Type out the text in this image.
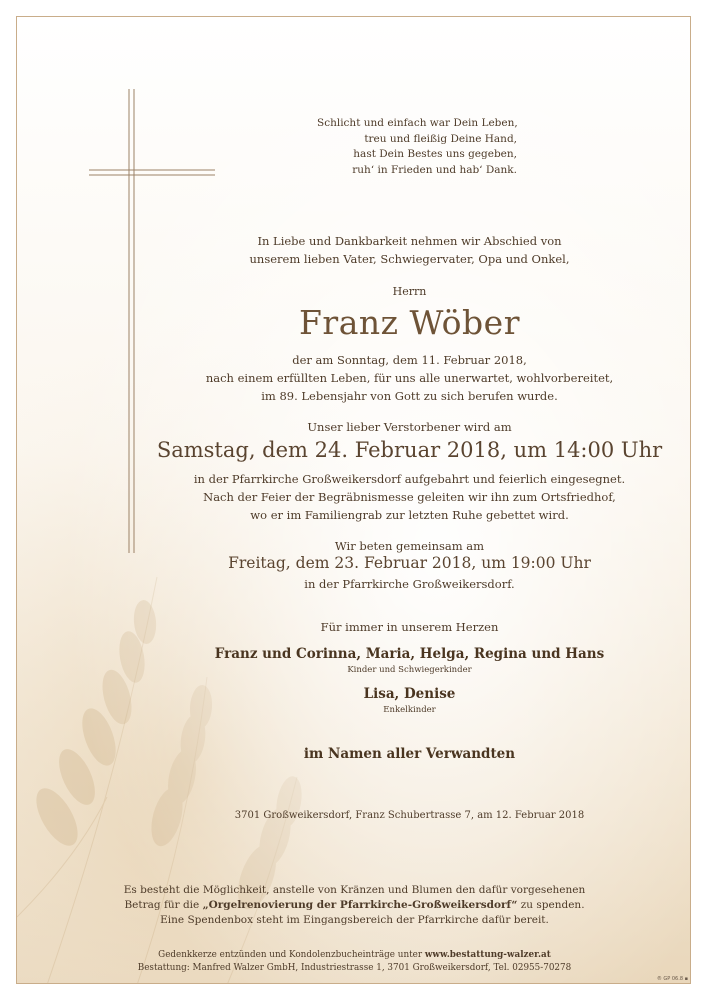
Schlicht und einfach war Dein Leben,
treu und fleißig Deine Hand,
hast Dein Bestes uns gegeben,
ruh‘ in Frieden und hab‘ Dank.
In Liebe und Dankbarkeit nehmen wir Abschied von
unserem lieben Vater, Schwiegervater, Opa und Onkel,
Herrn
Franz Wöber
der am Sonntag, dem 11. Februar 2018,
nach einem erfüllten Leben, für uns alle unerwartet, wohlvorbereitet,
im 89. Lebensjahr von Gott zu sich berufen wurde.
Unser lieber Verstorbener wird am
Samstag, dem 24. Februar 2018, um 14:00 Uhr
in der Pfarrkirche Großweikersdorf aufgebahrt und feierlich eingesegnet.
Nach der Feier der Begräbnismesse geleiten wir ihn zum Ortsfriedhof,
wo er im Familiengrab zur letzten Ruhe gebettet wird.
Wir beten gemeinsam am
Freitag, dem 23. Februar 2018, um 19:00 Uhr
in der Pfarrkirche Großweikersdorf.
Für immer in unserem Herzen
Franz und Corinna, Maria, Helga, Regina und Hans
Kinder und Schwiegerkinder
Lisa, Denise
Enkelkinder
im Namen aller Verwandten
3701 Großweikersdorf, Franz Schubertrasse 7, am 12. Februar 2018
Es besteht die Möglichkeit, anstelle von Kränzen und Blumen den dafür vorgesehenen
Betrag für die „Orgelrenovierung der Pfarrkirche-Großweikersdorf“ zu spenden.
Eine Spendenbox steht im Eingangsbereich der Pfarrkirche dafür bereit.
Gedenkkerze entzünden und Kondolenzbucheinträge unter www.bestattung-walzer.at
Bestattung: Manfred Walzer GmbH, Industriestrasse 1, 3701 Großweikersdorf, Tel. 02955-70278
® GP 06.8 ▪
